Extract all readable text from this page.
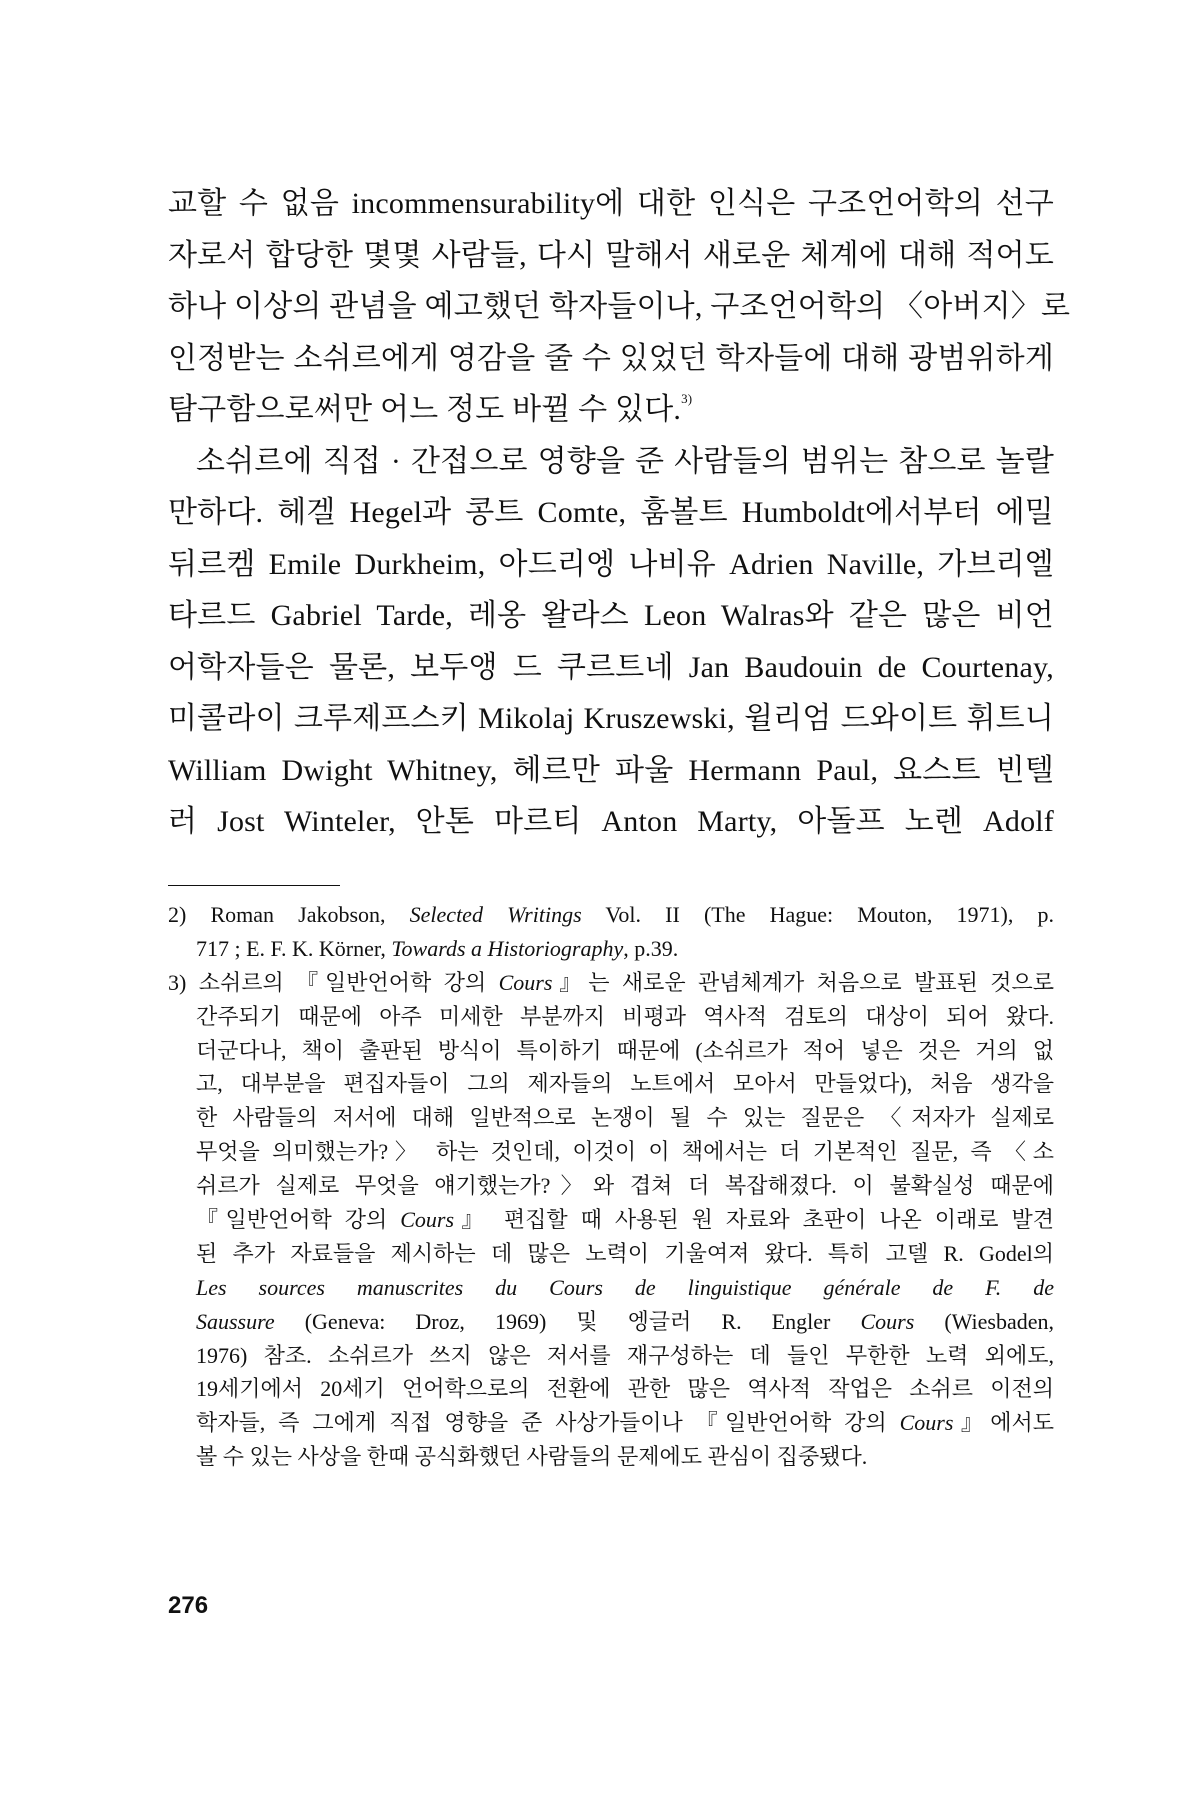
교할 수 없음 incommensurability에 대한 인식은 구조언어학의 선구
자로서 합당한 몇몇 사람들, 다시 말해서 새로운 체계에 대해 적어도
하나 이상의 관념을 예고했던 학자들이나, 구조언어학의 〈아버지〉로
인정받는 소쉬르에게 영감을 줄 수 있었던 학자들에 대해 광범위하게
탐구함으로써만 어느 정도 바뀔 수 있다.$^{3)}$
소쉬르에 직접 · 간접으로 영향을 준 사람들의 범위는 참으로 놀랄
만하다. 헤겔 Hegel과 콩트 Comte, 훔볼트 Humboldt에서부터 에밀
뒤르켐 Emile Durkheim, 아드리엥 나비유 Adrien Naville, 가브리엘
타르드 Gabriel Tarde, 레옹 왈라스 Leon Walras와 같은 많은 비언
어학자들은 물론, 보두앵 드 쿠르트네 Jan Baudouin de Courtenay,
미콜라이 크루제프스키 Mikolaj Kruszewski, 윌리엄 드와이트 휘트니
William Dwight Whitney, 헤르만 파울 Hermann Paul, 요스트 빈텔
러 Jost Winteler, 안톤 마르티 Anton Marty, 아돌프 노렌 Adolf
2) Roman Jakobson, Selected Writings Vol. II (The Hague: Mouton, 1971), p.
717 ; E. F. K. Körner, Towards a Historiography, p.39.
3) 소쉬르의 『일반언어학 강의 Cours』는 새로운 관념체계가 처음으로 발표된 것으로
간주되기 때문에 아주 미세한 부분까지 비평과 역사적 검토의 대상이 되어 왔다.
더군다나, 책이 출판된 방식이 특이하기 때문에 (소쉬르가 적어 넣은 것은 거의 없
고, 대부분을 편집자들이 그의 제자들의 노트에서 모아서 만들었다), 처음 생각을
한 사람들의 저서에 대해 일반적으로 논쟁이 될 수 있는 질문은 〈저자가 실제로
무엇을 의미했는가?〉 하는 것인데, 이것이 이 책에서는 더 기본적인 질문, 즉 〈소
쉬르가 실제로 무엇을 얘기했는가?〉와 겹쳐 더 복잡해졌다. 이 불확실성 때문에
『일반언어학 강의 Cours』 편집할 때 사용된 원 자료와 초판이 나온 이래로 발견
된 추가 자료들을 제시하는 데 많은 노력이 기울여져 왔다. 특히 고델 R. Godel의
Les sources manuscrites du Cours de linguistique générale de F. de
Saussure (Geneva: Droz, 1969) 및 엥글러 R. Engler Cours (Wiesbaden,
1976) 참조. 소쉬르가 쓰지 않은 저서를 재구성하는 데 들인 무한한 노력 외에도,
19세기에서 20세기 언어학으로의 전환에 관한 많은 역사적 작업은 소쉬르 이전의
학자들, 즉 그에게 직접 영향을 준 사상가들이나 『일반언어학 강의 Cours』에서도
볼 수 있는 사상을 한때 공식화했던 사람들의 문제에도 관심이 집중됐다.
276
